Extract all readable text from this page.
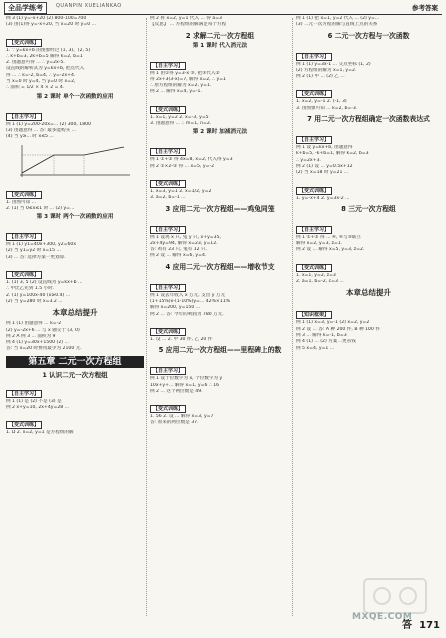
全品学练考	QUANPIN XUELIANKAO	参考答案
例 3 (1) y=-x+20 (2) 800-100=700
(3) 由(1)得 y=-x+20, 当 x=20 时 y=0 ...
【变式训练】
1. ∵ y=kx+b 的图象经过 (1, 3)、(2, 5)
∴ k+b=3, 2k+b=5 解得 k=2, b=1
2. 由题意可得 ... ∴ y=2x-5.
设直线的解析式为 y=kx+b, 把点代入
得 ... ∴ k=-2, b=4, ∴ y=-2x+4.
当 x=0 时 y=4, 当 y=0 时 x=2,
∴ 面积 = 1/2 × 4 × 2 = 4.
第 2 课时 单个一次函数的应用
【自主学习】
例 1 (1) y=200-20x=... (2) 300, 1800
(3) 由题意得 ... 答: 最多能购买 ...
(4) 当 y≥... 时 x≤5 ...
【变式训练】
1. 由图可知 ...
2. (1) 当 0≤x≤1 时 ... (2) y=...
第 3 课时 两个一次函数的应用
【自主学习】
例 1 (1) y1=40x+300, y2=60x
(2) 当 y1=y2 时 x=15 ...
(3) ... 答: 选择方案一更划算.
【变式训练】
1. (1) 3, 5 (2) 设直线为 y=kx+b ...
∴ 甲比乙先到 1.5 小时.
2. (1) y=100x-40 (x≥0.4) ...
(2) 当 y=280 时 x=3.2 ...
本章总结提升
例 1 (1) 由题意得 ... k=-2
(2) y=-2x+6 ... 与 x 轴交于 (3, 0)
例 2 A 例 3 ... 面积为 9
例 4 (1) y=30x+1500 (2) ...
答: 当 x=20 时费用最少为 2100 元.
第五章 二元一次方程组
1 认识二元一次方程组
【自主学习】
例 1 (1) 是 (2) 不是 (3) 是
例 2 x+y=10, 2x+4y=28 ...
【变式训练】
1. D 2. x=2, y=1 是方程组的解
例 2 将 x=2, y=1 代入 ... 得 a=3
【反思】 ... 方程组的解满足每个方程
2 求解二元一次方程组
第 1 课时 代入消元法
【自主学习】
例 1 由①得 y=3-x ③, 把③代入②
得 2x+3(3-x)=7, 解得 x=2, ∴ y=1
∴ 原方程组的解为 x=2, y=1.
例 2 ... 解得 x=4, y=-1.
【变式训练】
1. x=1, y=2 2. x=-3, y=5
3. 由题意得 ... ∴ m=1, n=2.
第 2 课时 加减消元法
【自主学习】
例 1 ①+② 得 4x=8, x=2, 代入得 y=3
例 2 ①×2-② 得 ... x=5, y=-2
【变式训练】
1. x=3, y=1 2. x=1/2, y=2
3. a=2, b=-1 ...
3 应用二元一次方程组——鸡兔同笼
【自主学习】
例 1 设鸡 x 只, 兔 y 只, x+y=35,
2x+4y=94, 解得 x=23, y=12.
答: 鸡有 23 只, 兔有 12 只.
例 2 设 ... 解得 x=6, y=4.
4 应用二元一次方程组——增收节支
【自主学习】
例 1 设去年收入 x 万元, 支出 y 万元
(1+15%)x-(1-10%)y=... 42%×11%
解得 x=200, y=150 ...
例 2 ... 答: 今年的利润为 780 万元.
【变式训练】
1. 设 ... 2. 甲 30 件, 乙 20 件
5 应用二元一次方程组——里程碑上的数
【自主学习】
例 1 设十位数字为 x, 个位数字为 y
10x+y+... 解得 x=1, y=6 ∴ 16
例 2 ... 这个两位数是 49.
【变式训练】
1. 56 2. 设 ... 解得 x=3, y=7
答: 原来的两位数是 37.
例 1 (1) 把 x=1, y=2 代入 ... (2) y=...
(3) 二元一次方程的解与直线上点的关系
6 二元一次方程与一次函数
【自主学习】
例 1 (1) y=3x-1 ... 交点坐标 (1, 2)
(2) 方程组的解为 x=1, y=2.
例 2 (1) 甲 ... (2) 乙 ...
【变式训练】
1. x=2, y=-1 2. (-1, 3)
3. 由图象可知 ... k=2, b=-3.
7 用二元一次方程组确定一次函数表达式
【自主学习】
例 1 设 y=kx+b, 由题意得
k+b=5, -k+b=1, 解得 k=2, b=3
∴ y=2x+3.
例 2 (1) 设 ... y=0.5x+12
(2) 当 x=18 时 y=21 ...
【变式训练】
1. y=-x+4 2. y=3x-2 ...
8 三元一次方程组
【自主学习】
例 1 ①+② 得 ... ④, ④与③联立
解得 x=2, y=3, z=1.
例 2 设 ... 解得 x=5, y=3, z=2.
【变式训练】
1. x=1, y=2, z=3
2. a=1, b=-2, c=3 ...
本章总结提升
【知识框架】
例 1 (1) x=3, y=-1 (2) x=2, y=2
例 2 设 ... 答: A 种 200 件, B 种 100 件
例 3 ... 解得 k=-1, b=3
例 4 (1) ... (2) 方案二更省钱
例 5 x=4, y=1 ...
MXQE.COM
答 171
